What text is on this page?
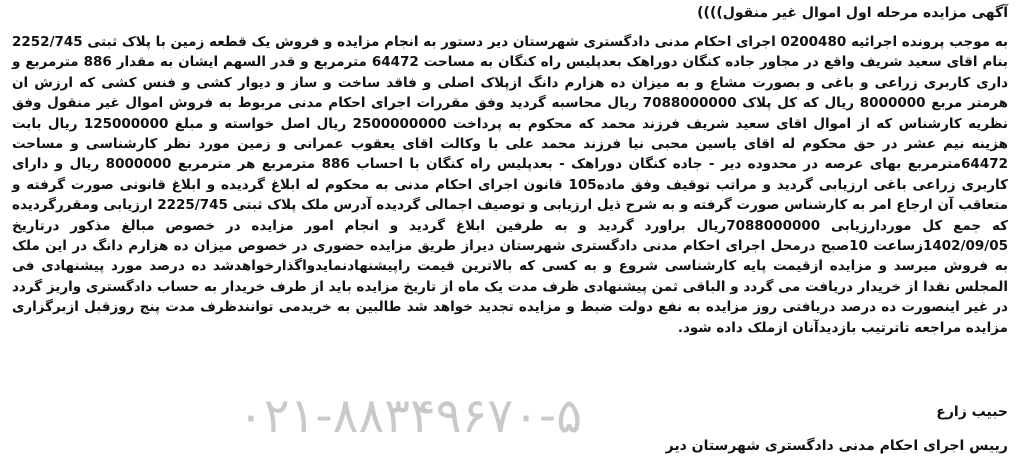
۰۲۱-۸۸۳۴۹۶۷۰-۵
آگهی مزایده مرحله اول اموال غیر منقول))))
به موجب پرونده اجرائیه 0200480 اجرای احکام مدنی دادگستری شهرستان دیر دستور به انجام مزایده و فروش یک قطعه زمین با پلاک ثبتی 2252/745 بنام اقای سعید شریف واقع در مجاور جاده کنگان دوراهک بعدپلیس راه کنگان به مساحت 64472 مترمربع و قدر السهم ایشان به مقدار 886 مترمربع و داری کاربری زراعی و باغی و بصورت مشاع و به میزان ده هزارم دانگ ازپلاک اصلی و فاقد ساخت و ساز و دیوار کشی و فنس کشی که ارزش ان هرمتر مربع 8000000 ریال که کل پلاک 7088000000 ریال محاسبه گردید وفق مقررات اجرای احکام مدنی مربوط به فروش اموال غیر منقول وفق نظریه کارشناس که از اموال اقای سعید شریف فرزند محمد که محکوم به پرداخت 2500000000 ریال اصل خواسته و مبلغ 125000000 ریال بابت هزینه نیم عشر در حق محکوم له اقای یاسین محبی نیا فرزند محمد علی با وکالت اقای یعقوب عمرانی و زمین مورد نظر کارشناسی و مساحت 64472مترمربع بهای عرصه در محدوده دیر - جاده کنگان دوراهک - بعدپلیس راه کنگان با احساب 886 مترمربع هر مترمربع 8000000 ریال و دارای کاربری زراعی باغی ارزیابی گردید و مراتب توقیف وفق ماده105 قانون اجرای احکام مدنی به محکوم له ابلاغ گردیده و ابلاغ قانونی صورت گرفته و متعاقب آن ارجاع امر به کارشناس صورت گرفته و به شرح ذیل ارزیابی و توصیف اجمالی گردیده آدرس ملک پلاک ثبتی 2225/745 ارزیابی ومقررگردیده که جمع کل موردارزیابی 7088000000ریال براورد گردید و به طرفین ابلاغ گردید و انجام امور مزایده در خصوص مبالغ مذکور درتاریخ 1402/09/05زساعت 10صبح درمحل اجرای احکام مدنی دادگستری شهرستان دیراز طریق مزایده حضوری در خصوص میزان ده هزارم دانگ در این ملک به فروش میرسد و مزایده ازقیمت پایه کارشناسی شروع و به کسی که بالاترین قیمت راپیشنهادنمایدواگذارخواهدشد ده درصد مورد پیشنهادی فی المجلس نقدا از خریدار دریافت می گردد و الباقی ثمن پیشنهادی ظرف مدت یک ماه از تاریخ مزایده باید از طرف خریدار به حساب دادگستری واریز گردد در غیر اینصورت ده درصد دریافتی روز مزایده به نفع دولت ضبط و مزایده تجدید خواهد شد طالبین به خریدمی توانندظرف مدت پنج روزقبل ازبرگزاری مزایده مراجعه تاترتیب بازدیدآنان ازملک داده شود.
حبیب زارع
رییس اجرای احکام مدنی دادگستری شهرستان دیر
